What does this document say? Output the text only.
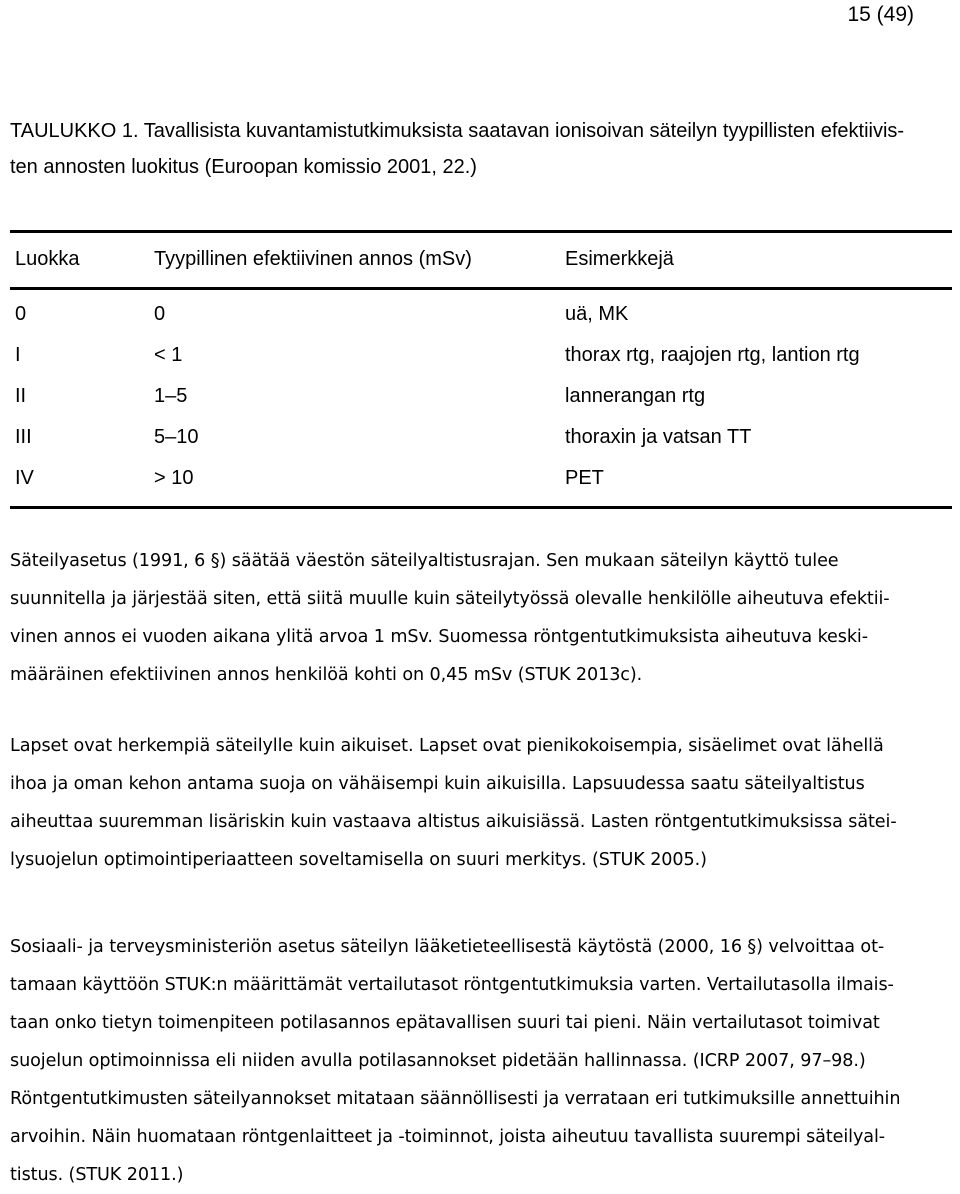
15 (49)

TAULUKKO 1. Tavallisista kuvantamistutkimuksista saatavan ionisoivan säteilyn tyypillisten efektiivis-
ten annosten luokitus (Euroopan komissio 2001, 22.)

Luokka	Tyypillinen efektiivinen annos (mSv)	Esimerkkejä
0	0	uä, MK
I	< 1	thorax rtg, raajojen rtg, lantion rtg
II	1–5	lannerangan rtg
III	5–10	thoraxin ja vatsan TT
IV	> 10	PET

Säteilyasetus (1991, 6 §) säätää väestön säteilyaltistusrajan. Sen mukaan säteilyn käyttö tulee
suunnitella ja järjestää siten, että siitä muulle kuin säteilytyössä olevalle henkilölle aiheutuva efektii-
vinen annos ei vuoden aikana ylitä arvoa 1 mSv. Suomessa röntgentutkimuksista aiheutuva keski-
määräinen efektiivinen annos henkilöä kohti on 0,45 mSv (STUK 2013c).

Lapset ovat herkempiä säteilylle kuin aikuiset. Lapset ovat pienikokoisempia, sisäelimet ovat lähellä
ihoa ja oman kehon antama suoja on vähäisempi kuin aikuisilla. Lapsuudessa saatu säteilyaltistus
aiheuttaa suuremman lisäriskin kuin vastaava altistus aikuisiässä. Lasten röntgentutkimuksissa sätei-
lysuojelun optimointiperiaatteen soveltamisella on suuri merkitys. (STUK 2005.)

Sosiaali- ja terveysministeriön asetus säteilyn lääketieteellisestä käytöstä (2000, 16 §) velvoittaa ot-
tamaan käyttöön STUK:n määrittämät vertailutasot röntgentutkimuksia varten. Vertailutasolla ilmais-
taan onko tietyn toimenpiteen potilasannos epätavallisen suuri tai pieni. Näin vertailutasot toimivat
suojelun optimoinnissa eli niiden avulla potilasannokset pidetään hallinnassa. (ICRP 2007, 97–98.)
Röntgentutkimusten säteilyannokset mitataan säännöllisesti ja verrataan eri tutkimuksille annettuihin
arvoihin. Näin huomataan röntgenlaitteet ja -toiminnot, joista aiheutuu tavallista suurempi säteilyal-
tistus. (STUK 2011.)
